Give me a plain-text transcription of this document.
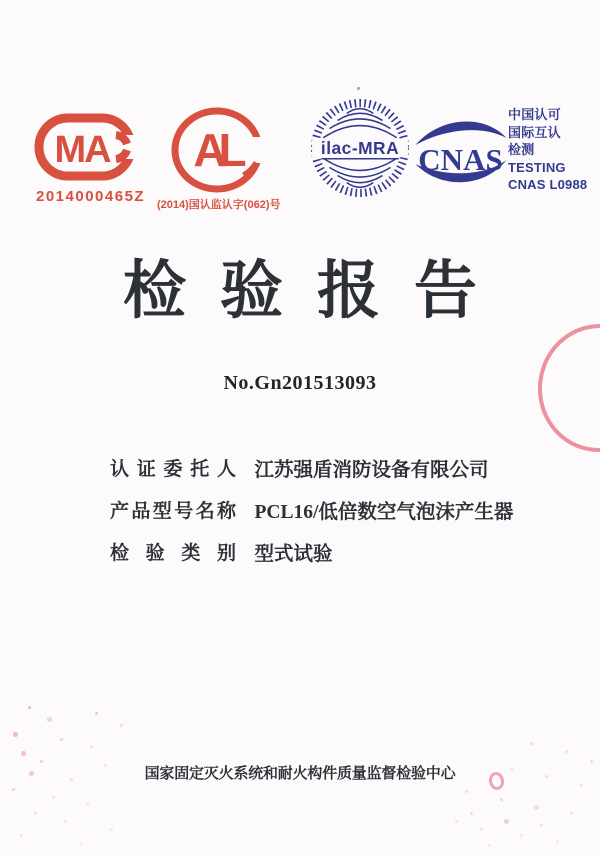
MA
2014000465Z
AL
(2014)国认监认字(062)号
ilac-MRA CNAS
中国认可
国际互认
检测
TESTING
CNAS L0988
检验报告
No.Gn201513093
认证委托人 江苏强盾消防设备有限公司
产品型号名称 PCL16/低倍数空气泡沫产生器
检验类别 型式试验
国家固定灭火系统和耐火构件质量监督检验中心
